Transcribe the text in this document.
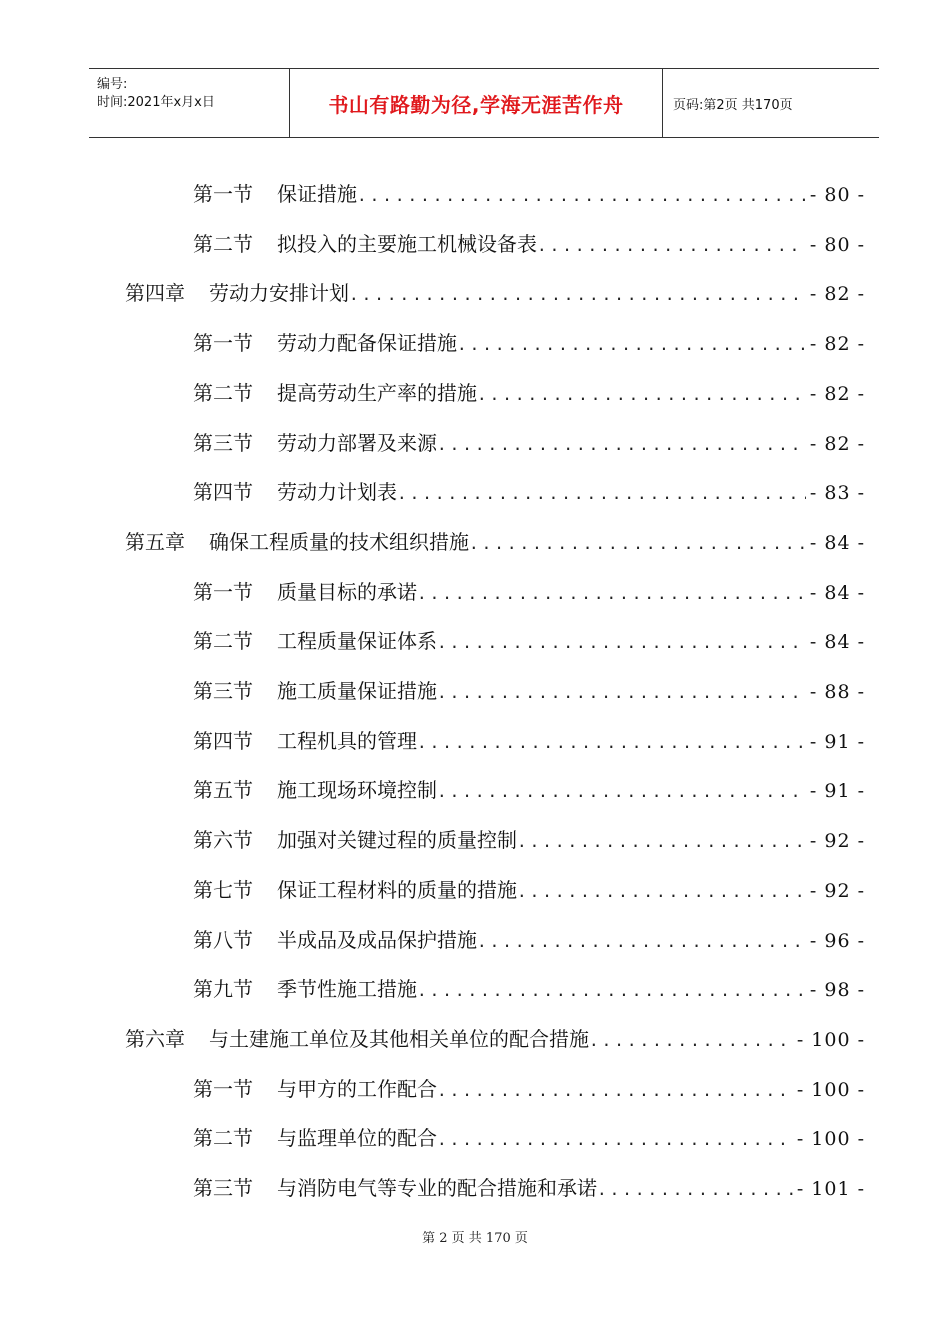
编号:
时间:2021年x月x日	书山有路勤为径,学海无涯苦作舟	页码:第2页 共170页
第一节 保证措施 .....	- 80 -
第二节 拟投入的主要施工机械设备表 .....	- 80 -
第四章 劳动力安排计划 .....	- 82 -
第一节 劳动力配备保证措施 .....	- 82 -
第二节 提高劳动生产率的措施 .....	- 82 -
第三节 劳动力部署及来源 .....	- 82 -
第四节 劳动力计划表 .....	- 83 -
第五章 确保工程质量的技术组织措施 .....	- 84 -
第一节 质量目标的承诺 .....	- 84 -
第二节 工程质量保证体系 .....	- 84 -
第三节 施工质量保证措施 .....	- 88 -
第四节 工程机具的管理 .....	- 91 -
第五节 施工现场环境控制 .....	- 91 -
第六节 加强对关键过程的质量控制 .....	- 92 -
第七节 保证工程材料的质量的措施 .....	- 92 -
第八节 半成品及成品保护措施 .....	- 96 -
第九节 季节性施工措施 .....	- 98 -
第六章 与土建施工单位及其他相关单位的配合措施 .....	- 100 -
第一节 与甲方的工作配合 .....	- 100 -
第二节 与监理单位的配合 .....	- 100 -
第三节 与消防电气等专业的配合措施和承诺 .....	- 101 -
第 2 页 共 170 页
